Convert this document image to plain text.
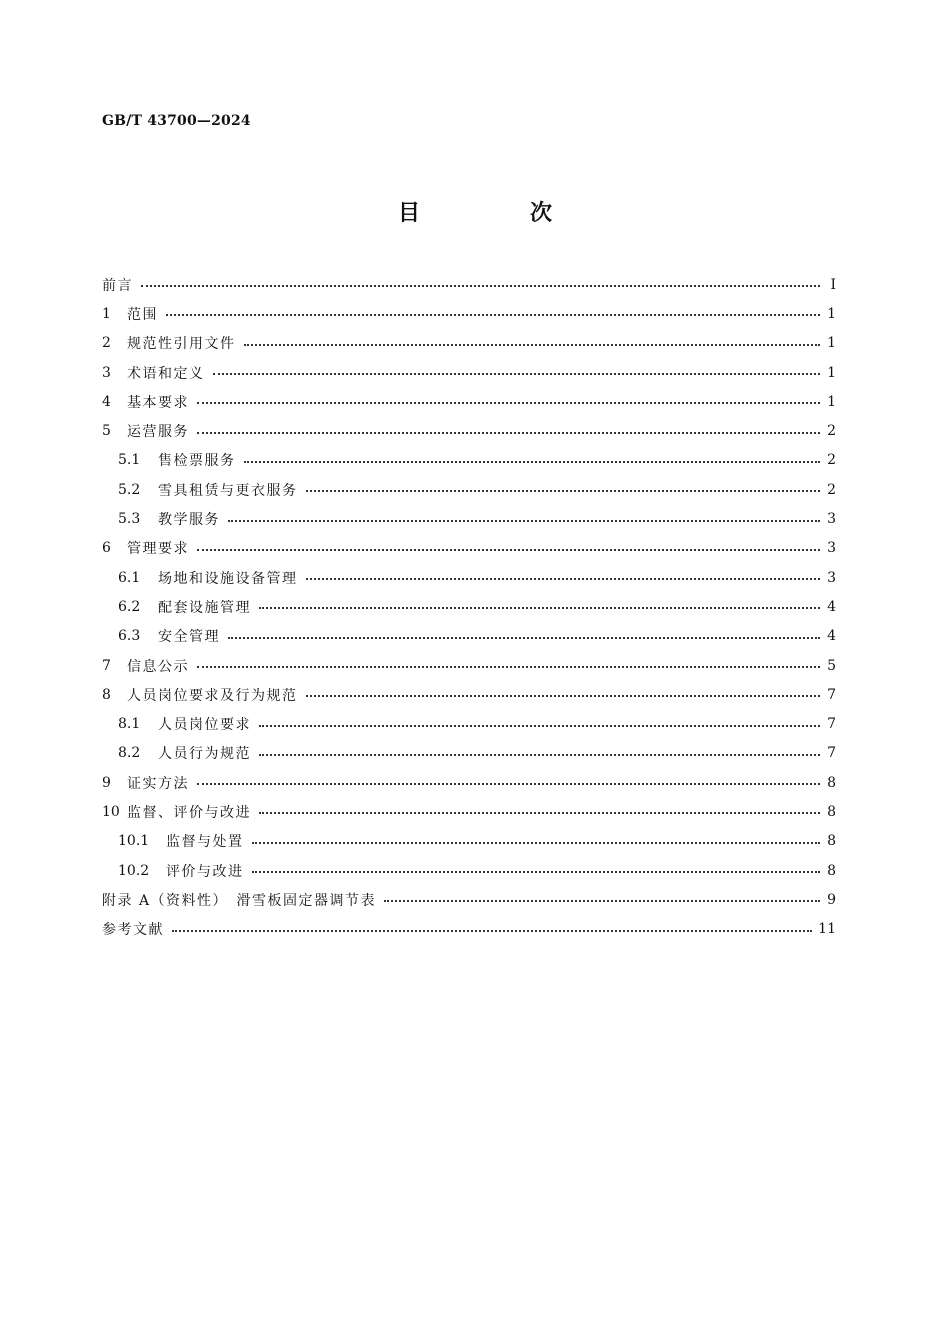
GB/T 43700—2024
目　次
前言	Ⅰ
1	范围	1
2	规范性引用文件	1
3	术语和定义	1
4	基本要求	1
5	运营服务	2
5.1	售检票服务	2
5.2	雪具租赁与更衣服务	2
5.3	教学服务	3
6	管理要求	3
6.1	场地和设施设备管理	3
6.2	配套设施管理	4
6.3	安全管理	4
7	信息公示	5
8	人员岗位要求及行为规范	7
8.1	人员岗位要求	7
8.2	人员行为规范	7
9	证实方法	8
10 监督、评价与改进	8
10.1	监督与处置	8
10.2	评价与改进	8
附录 A（资料性）　滑雪板固定器调节表	9
参考文献	11
